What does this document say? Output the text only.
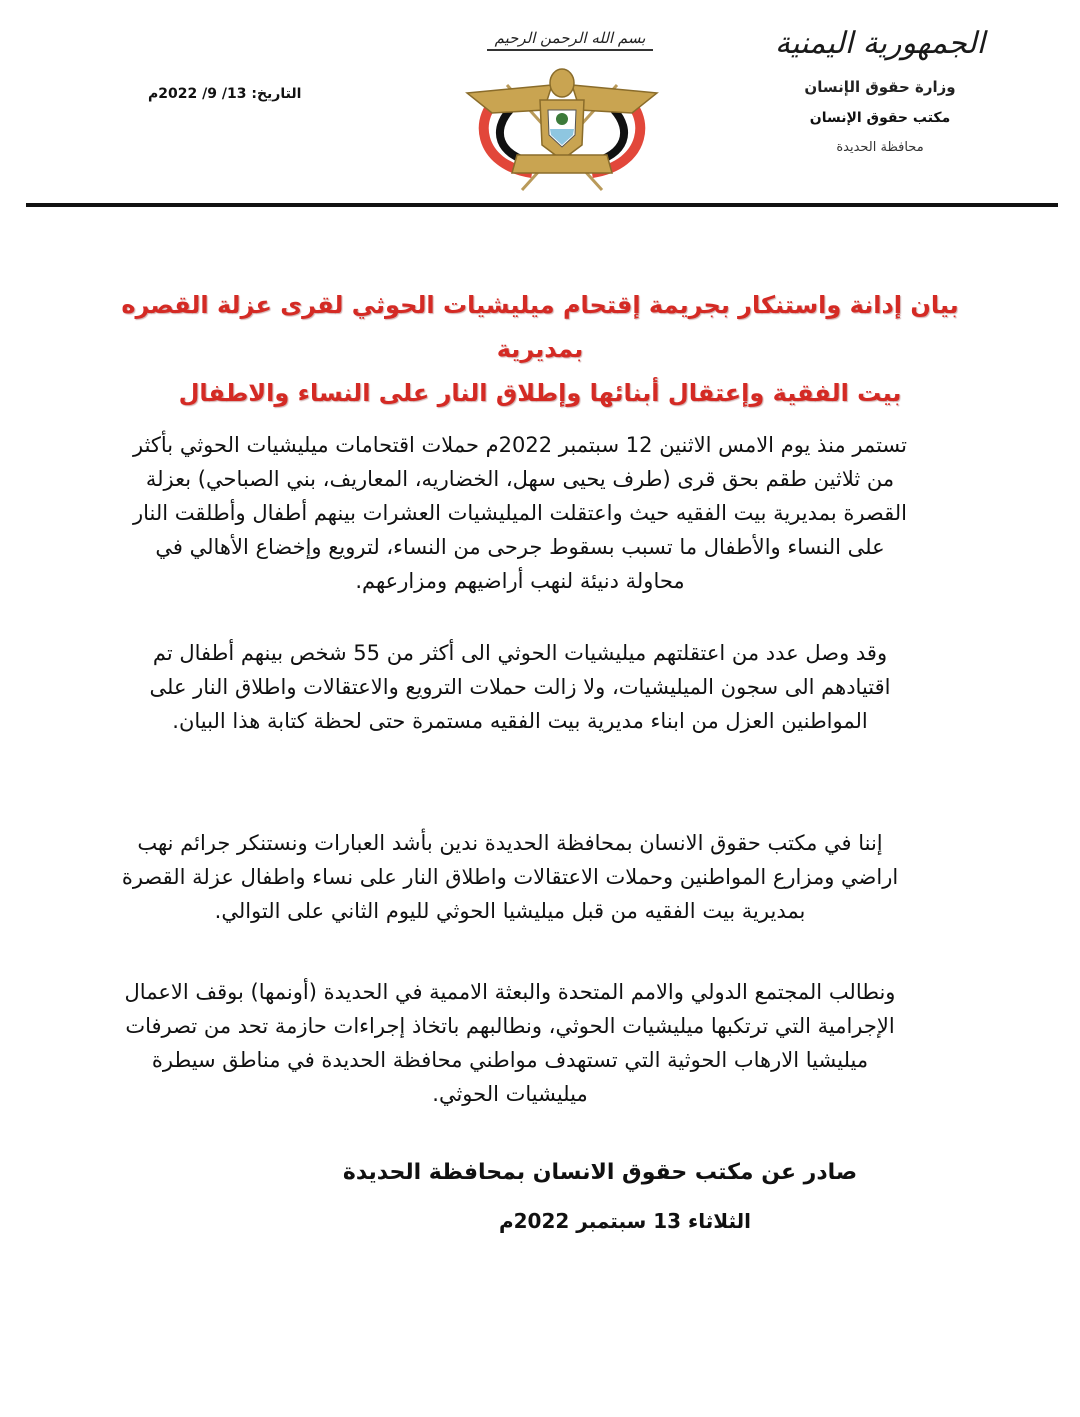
الجمهورية اليمنية
وزارة حقوق الإنسان
مكتب حقوق الإنسان
محافظة الحديدة
بسم الله الرحمن الرحيم
التاريخ: 13/ 9/ 2022م
بيان إدانة واستنكار بجريمة إقتحام ميليشيات الحوثي لقرى عزلة القصره بمديرية
بيت الفقية وإعتقال أبنائها وإطلاق النار على النساء والاطفال
تستمر منذ يوم الامس الاثنين 12 سبتمبر 2022م حملات اقتحامات ميليشيات الحوثي بأكثر من ثلاثين طقم بحق قرى (طرف يحيى سهل، الخضاريه، المعاريف، بني الصباحي) بعزلة القصرة بمديرية بيت الفقيه حيث واعتقلت الميليشيات العشرات بينهم أطفال وأطلقت النار على النساء والأطفال ما تسبب بسقوط جرحى من النساء، لترويع وإخضاع الأهالي في محاولة دنيئة لنهب أراضيهم ومزارعهم.
وقد وصل عدد من اعتقلتهم ميليشيات الحوثي الى أكثر من 55 شخص بينهم أطفال تم اقتيادهم الى سجون الميليشيات، ولا زالت حملات الترويع والاعتقالات واطلاق النار على المواطنين العزل من ابناء مديرية بيت الفقيه مستمرة حتى لحظة كتابة هذا البيان.
إننا في مكتب حقوق الانسان بمحافظة الحديدة ندين بأشد العبارات ونستنكر جرائم نهب اراضي ومزارع المواطنين وحملات الاعتقالات واطلاق النار على نساء واطفال عزلة القصرة بمديرية بيت الفقيه من قبل ميليشيا الحوثي لليوم الثاني على التوالي.
ونطالب المجتمع الدولي والامم المتحدة والبعثة الاممية في الحديدة (أونمها) بوقف الاعمال الإجرامية التي ترتكبها ميليشيات الحوثي، ونطالبهم باتخاذ إجراءات حازمة تحد من تصرفات ميليشيا الارهاب الحوثية التي تستهدف مواطني محافظة الحديدة في مناطق سيطرة ميليشيات الحوثي.
صادر عن مكتب حقوق الانسان بمحافظة الحديدة
الثلاثاء 13 سبتمبر 2022م
